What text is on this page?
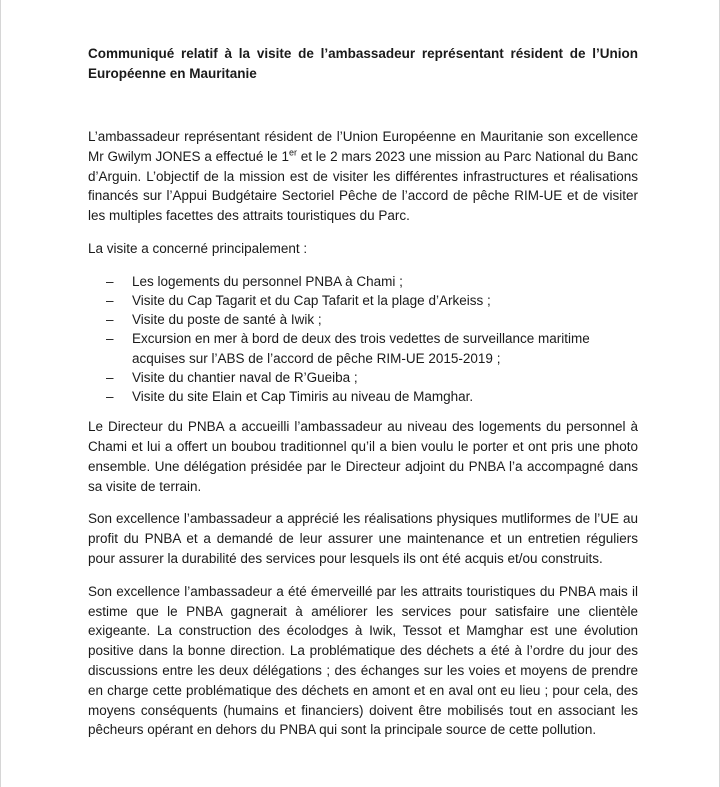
Communiqué relatif à la visite de l’ambassadeur représentant résident de l’Union Européenne en Mauritanie

L’ambassadeur représentant résident de l’Union Européenne en Mauritanie son excellence Mr Gwilym JONES a effectué le 1er et le 2 mars 2023 une mission au Parc National du Banc d’Arguin. L’objectif de la mission est de visiter les différentes infrastructures et réalisations financés sur l’Appui Budgétaire Sectoriel Pêche de l’accord de pêche RIM-UE et de visiter les multiples facettes des attraits touristiques du Parc.

La visite a concerné principalement :

– Les logements du personnel PNBA à Chami ;
– Visite du Cap Tagarit et du Cap Tafarit et la plage d’Arkeiss ;
– Visite du poste de santé à Iwik ;
– Excursion en mer à bord de deux des trois vedettes de surveillance maritime acquises sur l’ABS de l’accord de pêche RIM-UE 2015-2019 ;
– Visite du chantier naval de R’Gueiba ;
– Visite du site Elain et Cap Timiris au niveau de Mamghar.

Le Directeur du PNBA a accueilli l’ambassadeur au niveau des logements du personnel à Chami et lui a offert un boubou traditionnel qu’il a bien voulu le porter et ont pris une photo ensemble. Une délégation présidée par le Directeur adjoint du PNBA l’a accompagné dans sa visite de terrain.

Son excellence l’ambassadeur a apprécié les réalisations physiques mutliformes de l’UE au profit du PNBA et a demandé de leur assurer une maintenance et un entretien réguliers pour assurer la durabilité des services pour lesquels ils ont été acquis et/ou construits.

Son excellence l’ambassadeur a été émerveillé par les attraits touristiques du PNBA mais il estime que le PNBA gagnerait à améliorer les services pour satisfaire une clientèle exigeante. La construction des écolodges à Iwik, Tessot et Mamghar est une évolution positive dans la bonne direction. La problématique des déchets a été à l’ordre du jour des discussions entre les deux délégations ; des échanges sur les voies et moyens de prendre en charge cette problématique des déchets en amont et en aval ont eu lieu ; pour cela, des moyens conséquents (humains et financiers) doivent être mobilisés tout en associant les pêcheurs opérant en dehors du PNBA qui sont la principale source de cette pollution.
